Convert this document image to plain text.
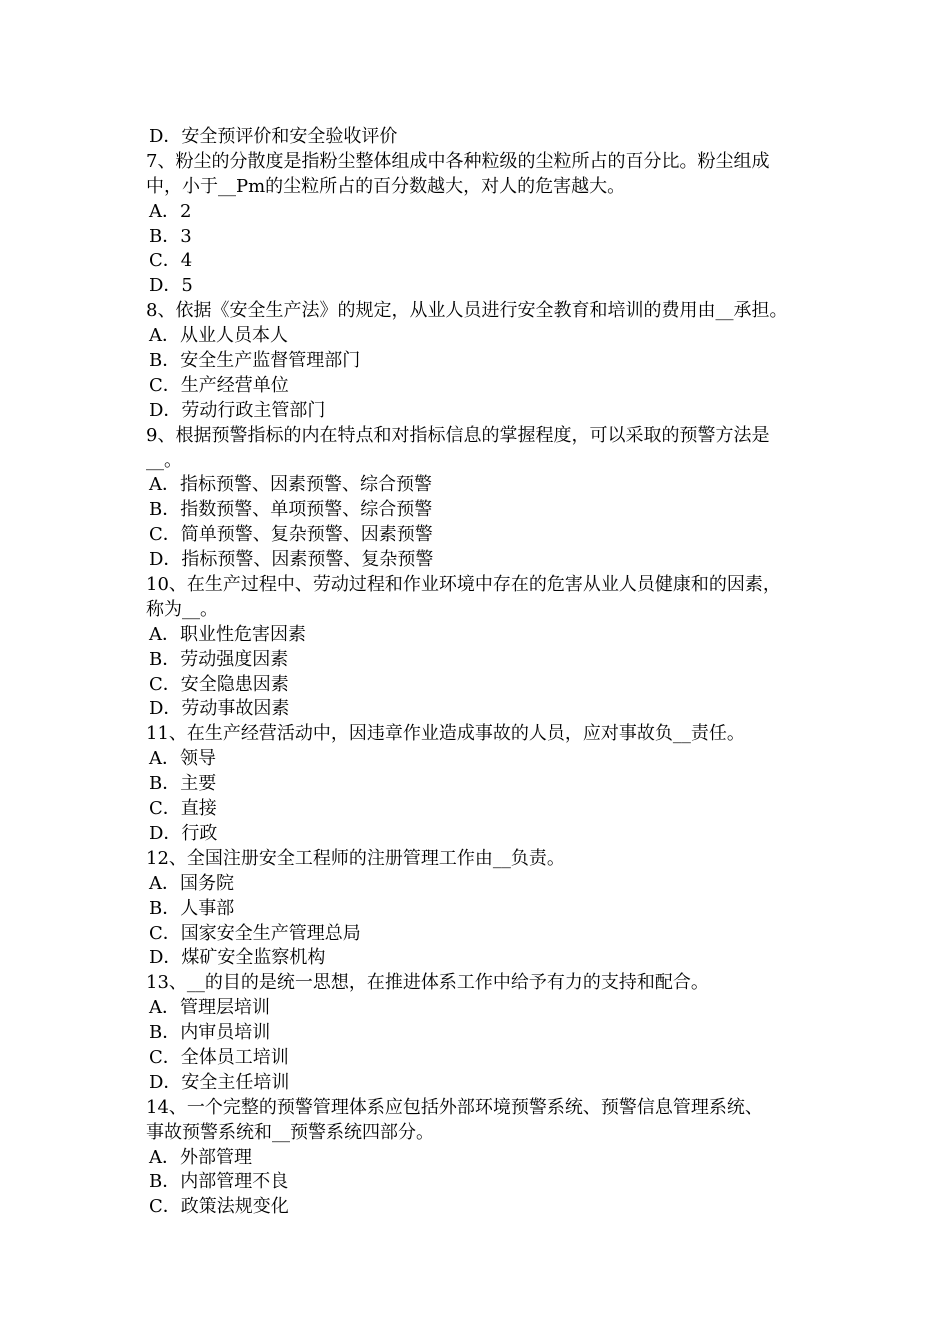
D．安全预评价和安全验收评价
7、粉尘的分散度是指粉尘整体组成中各种粒级的尘粒所占的百分比。粉尘组成
中，小于__Pm的尘粒所占的百分数越大，对人的危害越大。
A．2
B．3
C．4
D．5
8、依据《安全生产法》的规定，从业人员进行安全教育和培训的费用由__承担。
A．从业人员本人
B．安全生产监督管理部门
C．生产经营单位
D．劳动行政主管部门
9、根据预警指标的内在特点和对指标信息的掌握程度，可以采取的预警方法是
__。
A．指标预警、因素预警、综合预警
B．指数预警、单项预警、综合预警
C．简单预警、复杂预警、因素预警
D．指标预警、因素预警、复杂预警
10、在生产过程中、劳动过程和作业环境中存在的危害从业人员健康和的因素，
称为__。
A．职业性危害因素
B．劳动强度因素
C．安全隐患因素
D．劳动事故因素
11、在生产经营活动中，因违章作业造成事故的人员，应对事故负__责任。
A．领导
B．主要
C．直接
D．行政
12、全国注册安全工程师的注册管理工作由__负责。
A．国务院
B．人事部
C．国家安全生产管理总局
D．煤矿安全监察机构
13、__的目的是统一思想，在推进体系工作中给予有力的支持和配合。
A．管理层培训
B．内审员培训
C．全体员工培训
D．安全主任培训
14、一个完整的预警管理体系应包括外部环境预警系统、预警信息管理系统、
事故预警系统和__预警系统四部分。
A．外部管理
B．内部管理不良
C．政策法规变化
